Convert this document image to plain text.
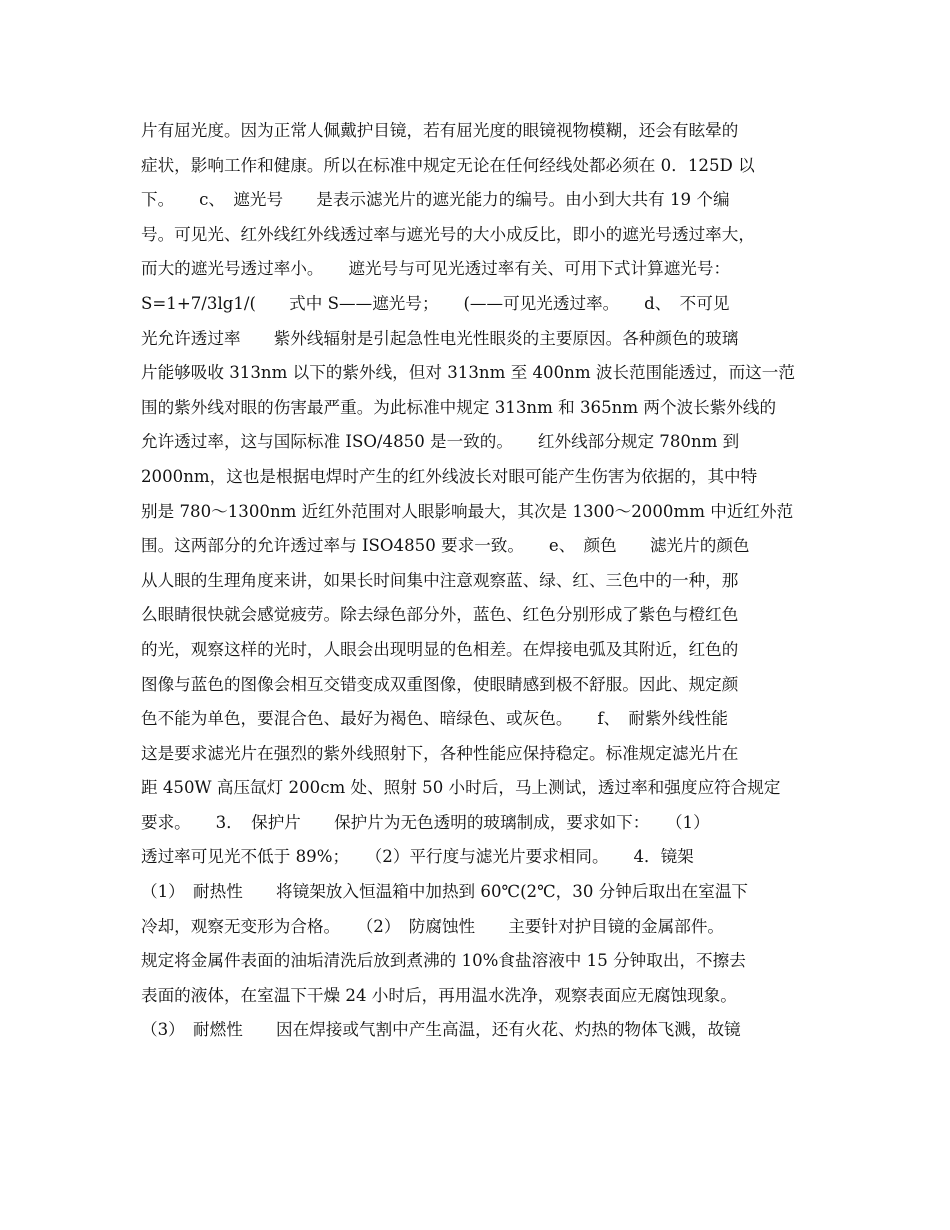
片有屈光度。因为正常人佩戴护目镜，若有屈光度的眼镜视物模糊，还会有眩晕的
症状，影响工作和健康。所以在标准中规定无论在任何经线处都必须在 0．125D 以
下。　　c、　遮光号　　是表示滤光片的遮光能力的编号。由小到大共有 19 个编
号。可见光、红外线红外线透过率与遮光号的大小成反比，即小的遮光号透过率大，
而大的遮光号透过率小。　　遮光号与可见光透过率有关、可用下式计算遮光号：
S=1+7/3lg1/(　　式中 S——遮光号；　　(——可见光透过率。　　d、　不可见
光允许透过率　　紫外线辐射是引起急性电光性眼炎的主要原因。各种颜色的玻璃
片能够吸收 313nm 以下的紫外线，但对 313nm 至 400nm 波长范围能透过，而这一范
围的紫外线对眼的伤害最严重。为此标准中规定 313nm 和 365nm 两个波长紫外线的
允许透过率，这与国际标准 ISO/4850 是一致的。　　红外线部分规定 780nm 到
2000nm，这也是根据电焊时产生的红外线波长对眼可能产生伤害为依据的，其中特
别是 780～1300nm 近红外范围对人眼影响最大，其次是 1300～2000mm 中近红外范
围。这两部分的允许透过率与 ISO4850 要求一致。　　e、　颜色　　滤光片的颜色
从人眼的生理角度来讲，如果长时间集中注意观察蓝、绿、红、三色中的一种，那
么眼睛很快就会感觉疲劳。除去绿色部分外，蓝色、红色分别形成了紫色与橙红色
的光，观察这样的光时，人眼会出现明显的色相差。在焊接电弧及其附近，红色的
图像与蓝色的图像会相互交错变成双重图像，使眼睛感到极不舒服。因此、规定颜
色不能为单色，要混合色、最好为褐色、暗绿色、或灰色。　　f、　耐紫外线性能
这是要求滤光片在强烈的紫外线照射下，各种性能应保持稳定。标准规定滤光片在
距 450W 高压氙灯 200cm 处、照射 50 小时后，马上测试，透过率和强度应符合规定
要求。　　3．　保护片　　保护片为无色透明的玻璃制成，要求如下：　　（1）
透过率可见光不低于 89%；　　（2）平行度与滤光片要求相同。　　4．镜架
（1）　耐热性　　将镜架放入恒温箱中加热到 60℃(2℃，30 分钟后取出在室温下
冷却，观察无变形为合格。　　（2）　防腐蚀性　　主要针对护目镜的金属部件。
规定将金属件表面的油垢清洗后放到煮沸的 10%食盐溶液中 15 分钟取出，不擦去
表面的液体，在室温下干燥 24 小时后，再用温水洗净，观察表面应无腐蚀现象。
（3）　耐燃性　　因在焊接或气割中产生高温，还有火花、灼热的物体飞溅，故镜
